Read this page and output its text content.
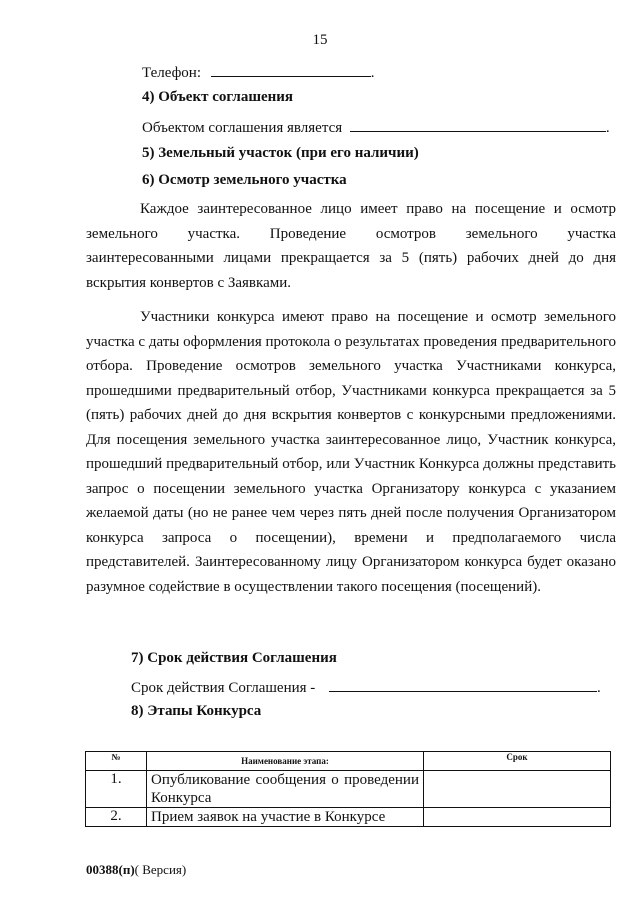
15
Телефон:	.
4) Объект соглашения
Объектом соглашения является	.
5) Земельный участок (при его наличии)
6) Осмотр земельного участка

Каждое заинтересованное лицо имеет право на посещение и осмотр земельного участка. Проведение осмотров земельного участка заинтересованными лицами прекращается за 5 (пять) рабочих дней до дня вскрытия конвертов с Заявками.

Участники конкурса имеют право на посещение и осмотр земельного участка с даты оформления протокола о результатах проведения предварительного отбора. Проведение осмотров земельного участка Участниками конкурса, прошедшими предварительный отбор, Участниками конкурса прекращается за 5 (пять) рабочих дней до дня вскрытия конвертов с конкурсными предложениями. Для посещения земельного участка заинтересованное лицо, Участник конкурса, прошедший предварительный отбор, или Участник Конкурса должны представить запрос о посещении земельного участка Организатору конкурса с указанием желаемой даты (но не ранее чем через пять дней после получения Организатором конкурса запроса о посещении), времени и предполагаемого числа представителей. Заинтересованному лицу Организатором конкурса будет оказано разумное содействие в осуществлении такого посещения (посещений).

7) Срок действия Соглашения
Срок действия Соглашения -	.
8) Этапы Конкурса
№	Наименование этапа:	Срок
1.	Опубликование сообщения о проведении Конкурса	
2.	Прием заявок на участие в Конкурсе	
00388(п)( Версия)
